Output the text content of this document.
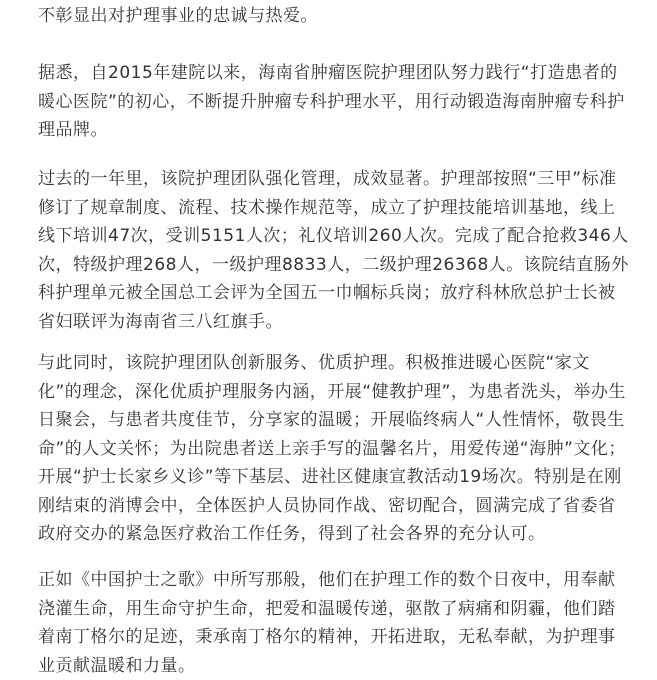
不彰显出对护理事业的忠诚与热爱。

据悉，自2015年建院以来，海南省肿瘤医院护理团队努力践行“打造患者的
暖心医院”的初心，不断提升肿瘤专科护理水平，用行动锻造海南肿瘤专科护
理品牌。

过去的一年里，该院护理团队强化管理，成效显著。护理部按照“三甲”标准
修订了规章制度、流程、技术操作规范等，成立了护理技能培训基地，线上
线下培训47次，受训5151人次；礼仪培训260人次。完成了配合抢救346人
次，特级护理268人，一级护理8833人，二级护理26368人。该院结直肠外
科护理单元被全国总工会评为全国五一巾帼标兵岗；放疗科林欣总护士长被
省妇联评为海南省三八红旗手。

与此同时，该院护理团队创新服务、优质护理。积极推进暖心医院“家文
化”的理念，深化优质护理服务内涵，开展“健教护理”，为患者洗头，举办生
日聚会，与患者共度佳节，分享家的温暖；开展临终病人“人性情怀，敬畏生
命”的人文关怀；为出院患者送上亲手写的温馨名片，用爱传递“海肿”文化；
开展“护士长家乡义诊”等下基层、进社区健康宣教活动19场次。特别是在刚
刚结束的消博会中，全体医护人员协同作战、密切配合，圆满完成了省委省
政府交办的紧急医疗救治工作任务，得到了社会各界的充分认可。

正如《中国护士之歌》中所写那般，他们在护理工作的数个日夜中，用奉献
浇灌生命，用生命守护生命，把爱和温暖传递，驱散了病痛和阴霾，他们踏
着南丁格尔的足迹，秉承南丁格尔的精神，开拓进取，无私奉献，为护理事
业贡献温暖和力量。
